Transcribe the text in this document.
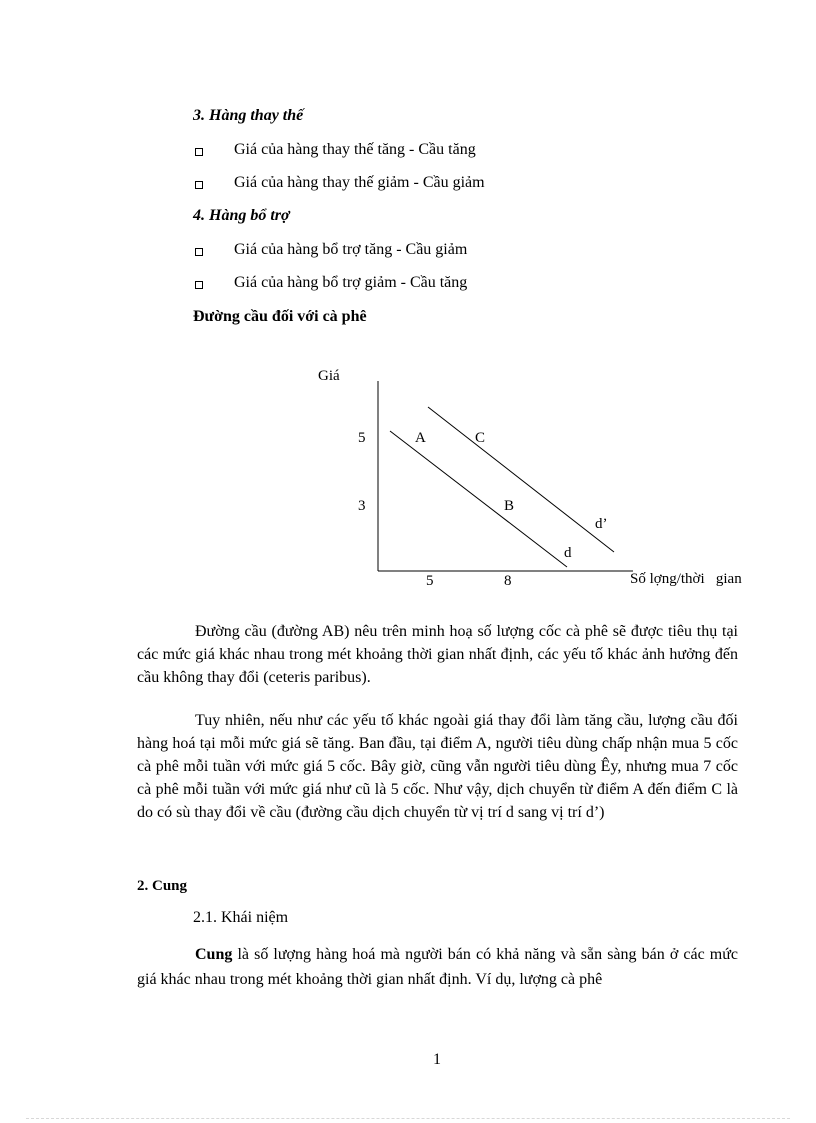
3. Hàng thay thế
Giá của hàng thay thế tăng - Cầu tăng
Giá của hàng thay thế giảm - Cầu giảm
4. Hàng bổ trợ
Giá của hàng bổ trợ tăng - Cầu giảm
Giá của hàng bổ trợ giảm - Cầu tăng
Đường cầu đối với cà phê
Giá
5
3
5	8	Số lợng/thời   gian
A	C
B
d’
d

Đường cầu (đường AB) nêu trên minh hoạ số lượng cốc cà phê sẽ được tiêu thụ tại các mức giá khác nhau trong mét khoảng thời gian nhất định, các yếu tố khác ảnh hưởng đến cầu không thay đổi (ceteris paribus).

Tuy nhiên, nếu như các yếu tố khác ngoài giá thay đổi làm tăng cầu, lượng cầu đối hàng hoá tại mỗi mức giá sẽ tăng. Ban đầu, tại điểm A, người tiêu dùng chấp nhận mua 5 cốc cà phê mỗi tuần với mức giá 5 cốc. Bây giờ, cũng vẫn người tiêu dùng Êy, nhưng mua 7 cốc cà phê mỗi tuần với mức giá như cũ là 5 cốc. Như vậy, dịch chuyển từ điểm A đến điểm C là do có sù thay đổi về cầu (đường cầu dịch chuyển từ vị trí d sang vị trí d’)

2. Cung
2.1. Khái niệm

Cung là số lượng hàng hoá mà người bán có khả năng và sẵn sàng bán ở các mức giá khác nhau trong mét khoảng thời gian nhất định. Ví dụ, lượng cà phê

1
